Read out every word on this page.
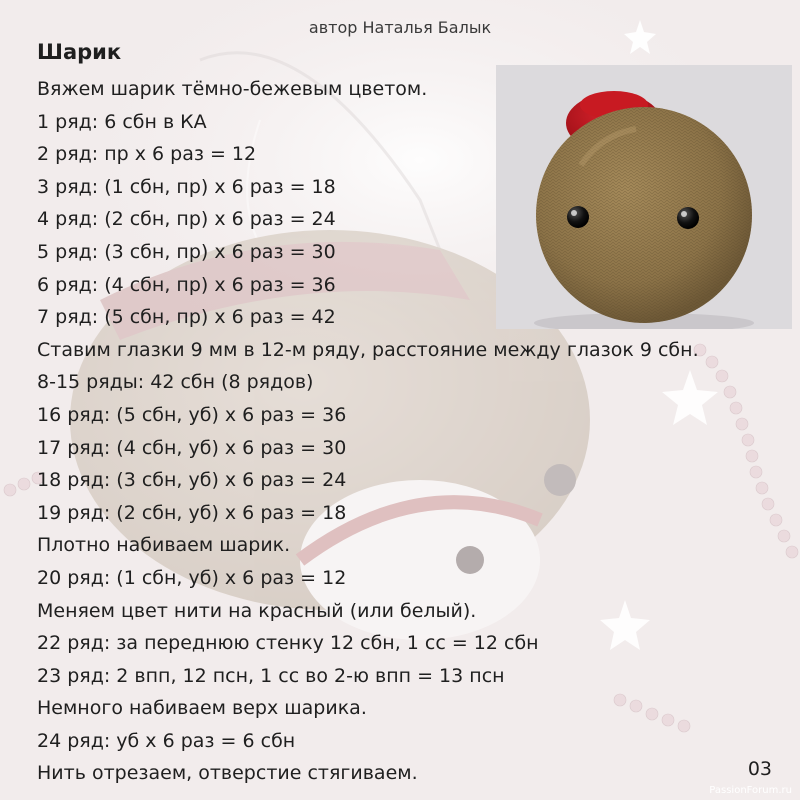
автор Наталья Балык
Шарик
Вяжем шарик тёмно-бежевым цветом.
1 ряд: 6 сбн в КА
2 ряд: пр х 6 раз = 12
3 ряд: (1 сбн, пр) х 6 раз = 18
4 ряд: (2 сбн, пр) х 6 раз = 24
5 ряд: (3 сбн, пр) х 6 раз = 30
6 ряд: (4 сбн, пр) х 6 раз = 36
7 ряд: (5 сбн, пр) х 6 раз = 42
Ставим глазки 9 мм в 12-м ряду, расстояние между глазок 9 сбн.
8-15 ряды: 42 сбн (8 рядов)
16 ряд: (5 сбн, уб) х 6 раз = 36
17 ряд: (4 сбн, уб) х 6 раз = 30
18 ряд: (3 сбн, уб) х 6 раз = 24
19 ряд: (2 сбн, уб) х 6 раз = 18
Плотно набиваем шарик.
20 ряд: (1 сбн, уб) х 6 раз = 12
Меняем цвет нити на красный (или белый).
22 ряд: за переднюю стенку 12 сбн, 1 сс = 12 сбн
23 ряд: 2 впп, 12 псн, 1 сс во 2-ю впп = 13 псн
Немного набиваем верх шарика.
24 ряд: уб х 6 раз = 6 сбн
Нить отрезаем, отверстие стягиваем.	03
PassionForum.ru
